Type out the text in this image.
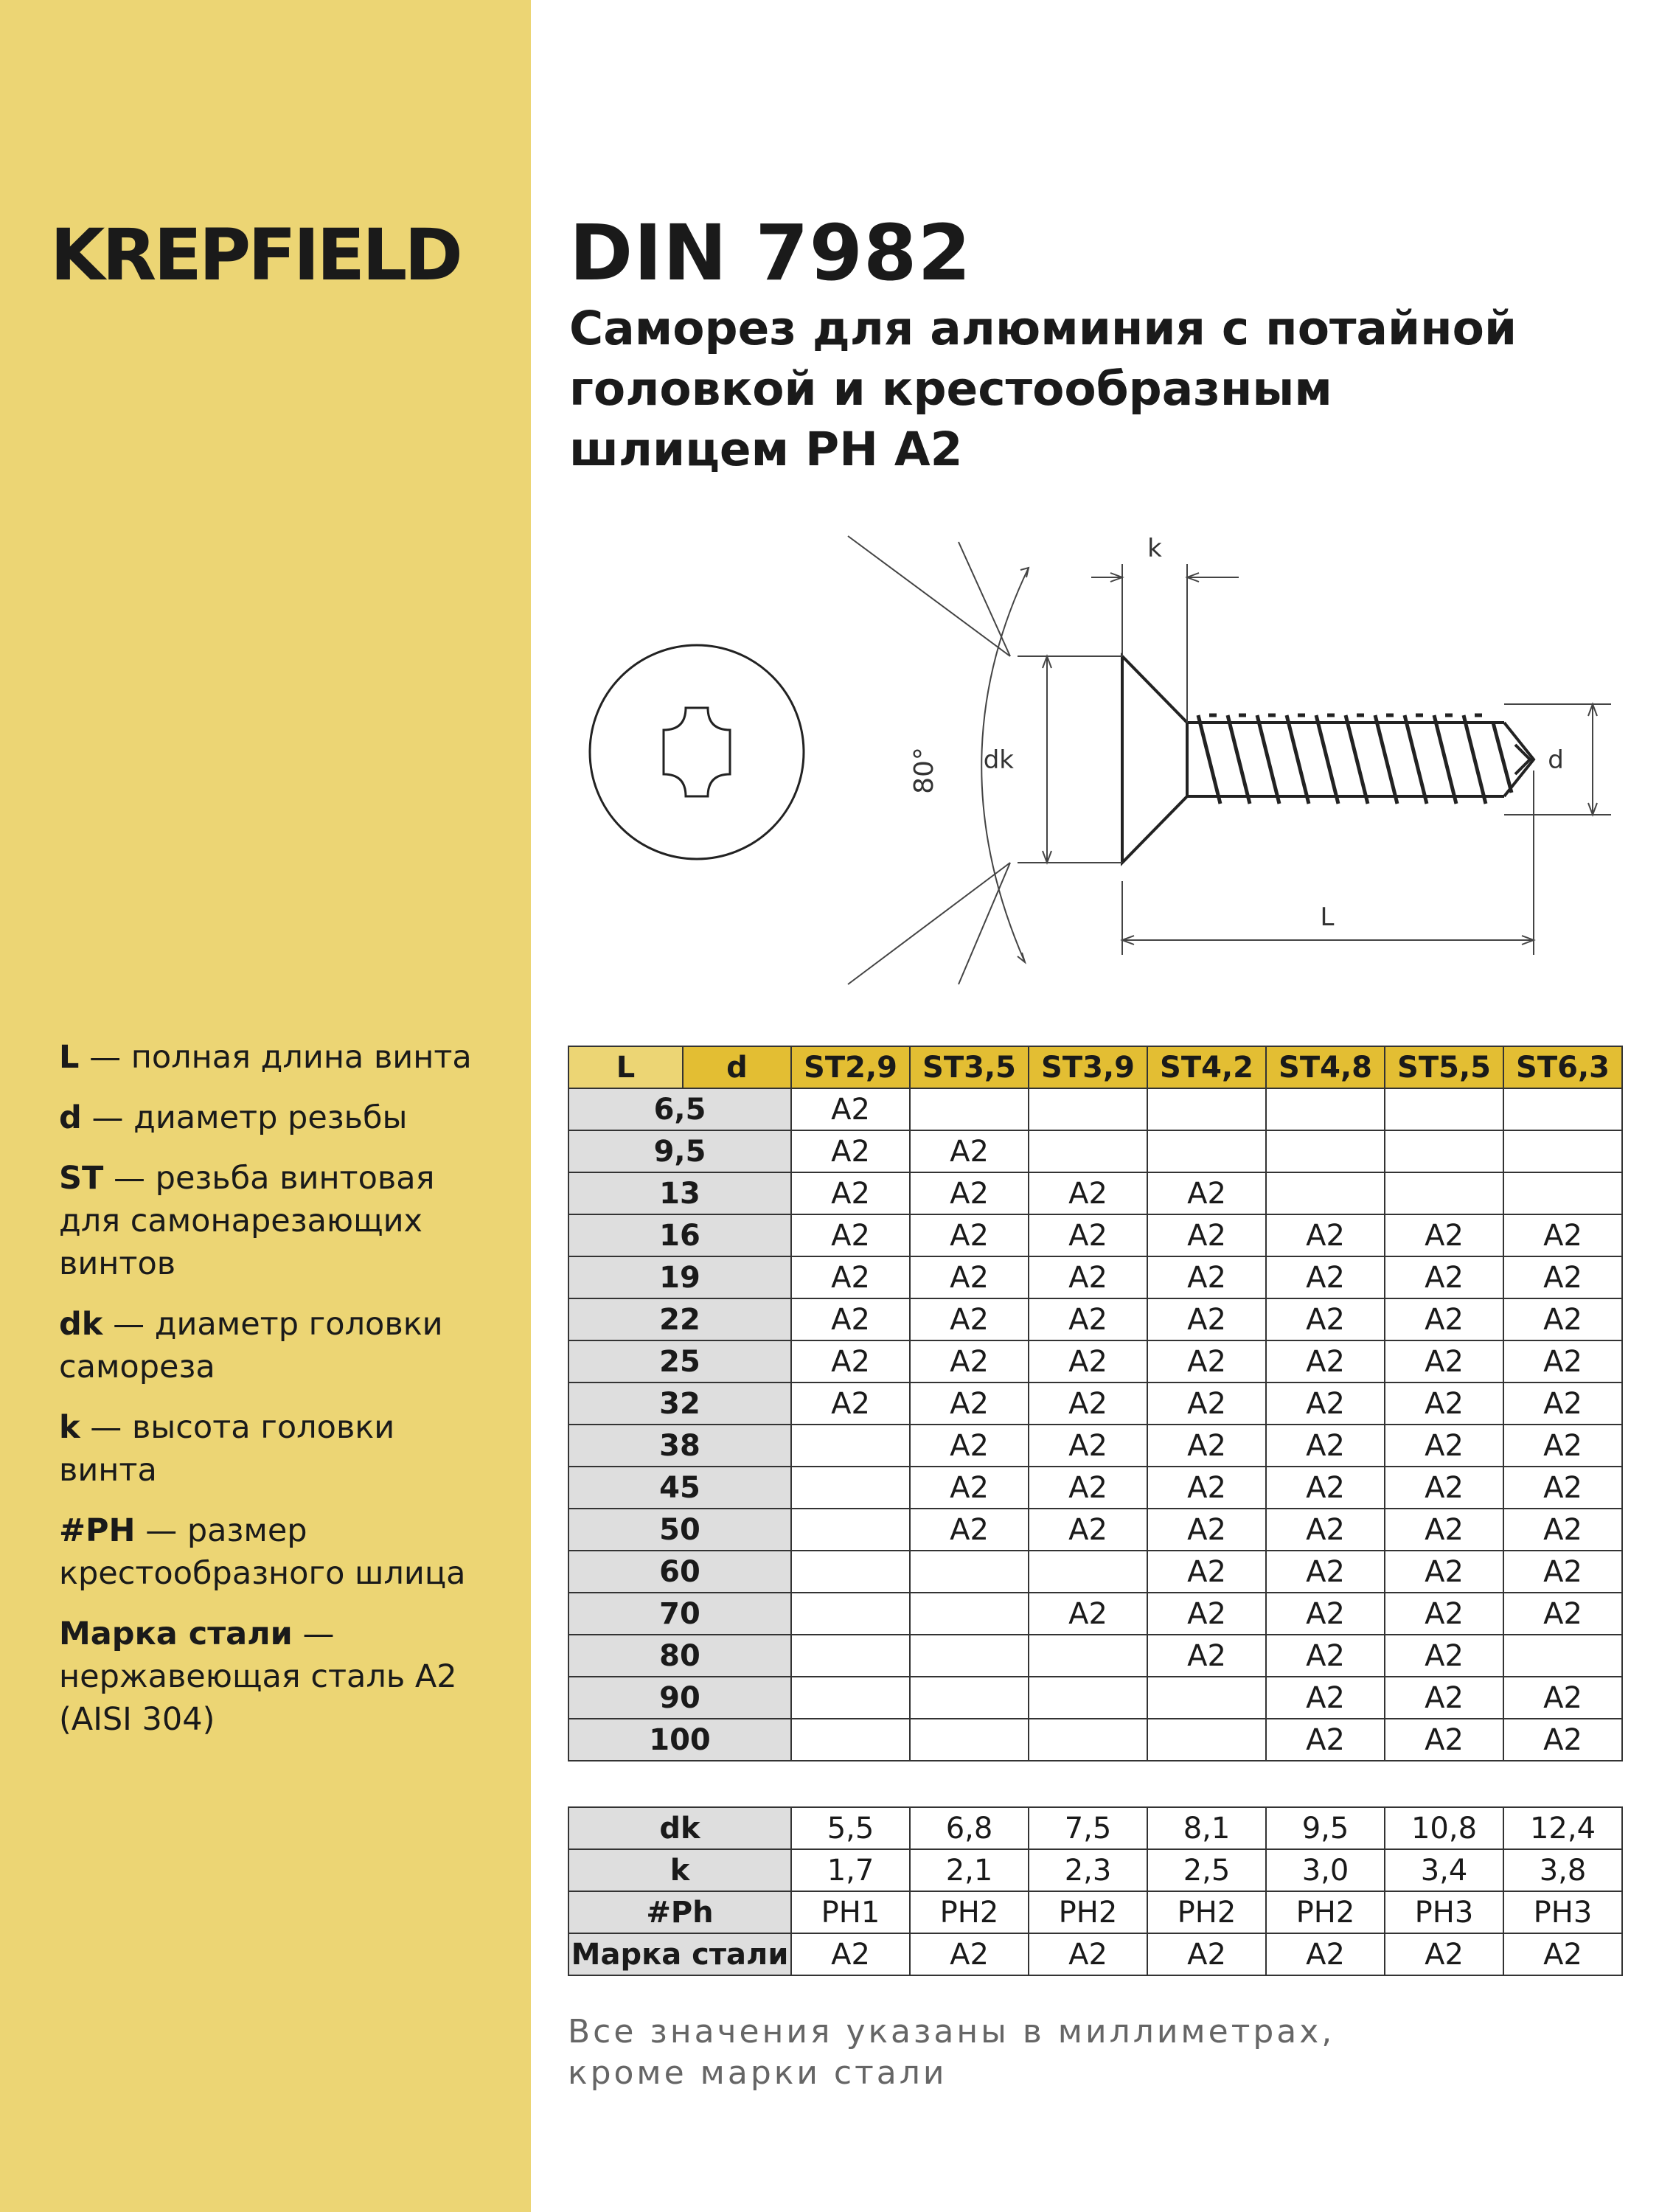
KREPFIELD
L — полная длина винта
d — диаметр резьбы
ST — резьба винтовая для самонарезающих винтов
dk — диаметр головки самореза
k — высота головки винта
#PH — размер крестообразного шлица
Марка стали — нержавеющая сталь A2 (AISI 304)
DIN 7982
Саморез для алюминия с потайной
головкой и крестообразным
шлицем PH A2
80°
k
dk	d
L
L	d	ST2,9	ST3,5	ST3,9	ST4,2	ST4,8	ST5,5	ST6,3
6,5		A2						
9,5		A2	A2					
13		A2	A2	A2	A2			
16		A2	A2	A2	A2	A2	A2	A2
19		A2	A2	A2	A2	A2	A2	A2
22		A2	A2	A2	A2	A2	A2	A2
25		A2	A2	A2	A2	A2	A2	A2
32		A2	A2	A2	A2	A2	A2	A2
38			A2	A2	A2	A2	A2	A2
45			A2	A2	A2	A2	A2	A2
50			A2	A2	A2	A2	A2	A2
60					A2	A2	A2	A2
70				A2	A2	A2	A2	A2
80					A2	A2	A2	
90						A2	A2	A2
100						A2	A2	A2
dk	5,5	6,8	7,5	8,1	9,5	10,8	12,4
k	1,7	2,1	2,3	2,5	3,0	3,4	3,8
#Ph	PH1	PH2	PH2	PH2	PH2	PH3	PH3
Марка стали	A2	A2	A2	A2	A2	A2	A2
Все значения указаны в миллиметрах,
кроме марки стали
